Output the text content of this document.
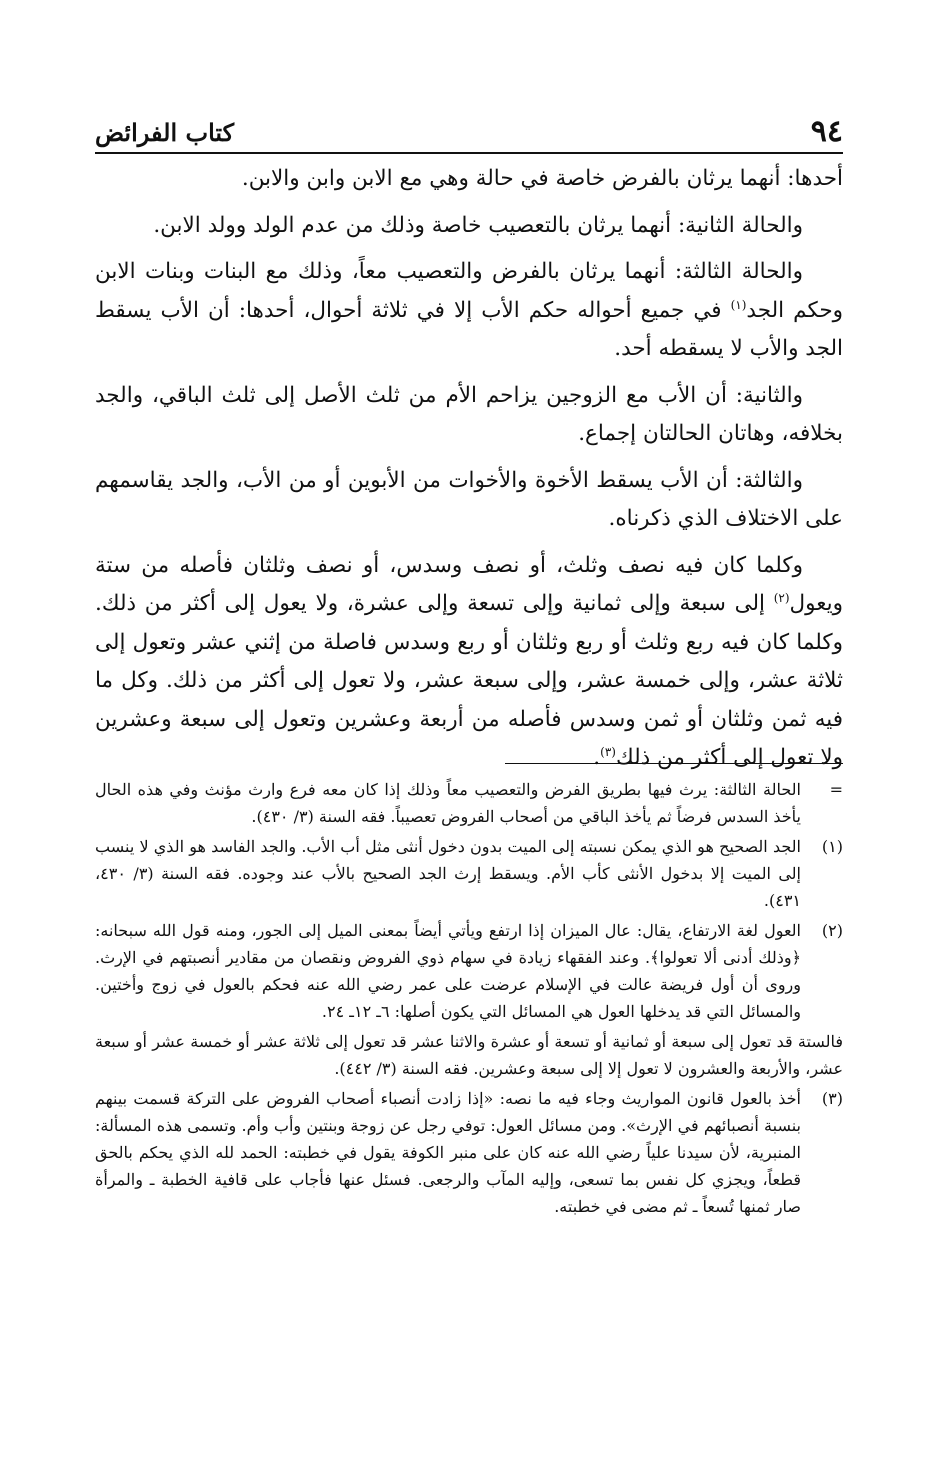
٩٤
كتاب الفرائض

أحدها: أنهما يرثان بالفرض خاصة في حالة وهي مع الابن وابن والابن.

والحالة الثانية: أنهما يرثان بالتعصيب خاصة وذلك من عدم الولد وولد الابن.

والحالة الثالثة: أنهما يرثان بالفرض والتعصيب معاً، وذلك مع البنات وبنات الابن وحكم الجد$^{(١)}$ في جميع أحواله حكم الأب إلا في ثلاثة أحوال، أحدها: أن الأب يسقط الجد والأب لا يسقطه أحد.

والثانية: أن الأب مع الزوجين يزاحم الأم من ثلث الأصل إلى ثلث الباقي، والجد بخلافه، وهاتان الحالتان إجماع.

والثالثة: أن الأب يسقط الأخوة والأخوات من الأبوين أو من الأب، والجد يقاسمهم على الاختلاف الذي ذكرناه.

وكلما كان فيه نصف وثلث، أو نصف وسدس، أو نصف وثلثان فأصله من ستة ويعول$^{(٢)}$ إلى سبعة وإلى ثمانية وإلى تسعة وإلى عشرة، ولا يعول إلى أكثر من ذلك. وكلما كان فيه ربع وثلث أو ربع وثلثان أو ربع وسدس فاصلة من إثني عشر وتعول إلى ثلاثة عشر، وإلى خمسة عشر، وإلى سبعة عشر، ولا تعول إلى أكثر من ذلك. وكل ما فيه ثمن وثلثان أو ثمن وسدس فأصله من أربعة وعشرين وتعول إلى سبعة وعشرين ولا تعول إلى أكثر من ذلك$^{(٣)}$.

=
الحالة الثالثة: يرث فيها بطريق الفرض والتعصيب معاً وذلك إذا كان معه فرع وارث مؤنث وفي هذه الحال يأخذ السدس فرضاً ثم يأخذ الباقي من أصحاب الفروض تعصيباً. فقه السنة (٣/ ٤٣٠).
(١)
الجد الصحيح هو الذي يمكن نسبته إلى الميت بدون دخول أنثى مثل أب الأب. والجد الفاسد هو الذي لا ينسب إلى الميت إلا بدخول الأنثى كأب الأم. ويسقط إرث الجد الصحيح بالأب عند وجوده. فقه السنة (٣/ ٤٣٠، ٤٣١).
(٢)
العول لغة الارتفاع، يقال: عال الميزان إذا ارتفع ويأتي أيضاً بمعنى الميل إلى الجور، ومنه قول الله سبحانه: ﴿وذلك أدنى ألا تعولوا﴾. وعند الفقهاء زيادة في سهام ذوي الفروض ونقصان من مقادير أنصبتهم في الإرث. وروى أن أول فريضة عالت في الإسلام عرضت على عمر رضي الله عنه فحكم بالعول في زوج وأختين. والمسائل التي قد يدخلها العول هي المسائل التي يكون أصلها: ٦ـ ١٢ـ ٢٤.
فالستة قد تعول إلى سبعة أو ثمانية أو تسعة أو عشرة والاثنا عشر قد تعول إلى ثلاثة عشر أو خمسة عشر أو سبعة عشر، والأربعة والعشرون لا تعول إلا إلى سبعة وعشرين. فقه السنة (٣/ ٤٤٢).
(٣)
أخذ بالعول قانون المواريث وجاء فيه ما نصه: «إذا زادت أنصباء أصحاب الفروض على التركة قسمت بينهم بنسبة أنصبائهم في الإرث». ومن مسائل العول: توفي رجل عن زوجة وبنتين وأب وأم. وتسمى هذه المسألة: المنبرية، لأن سيدنا علياً رضي الله عنه كان على منبر الكوفة يقول في خطبته: الحمد لله الذي يحكم بالحق قطعاً، ويجزي كل نفس بما تسعى، وإليه المآب والرجعى. فسئل عنها فأجاب على قافية الخطبة ـ والمرأة صار ثمنها تُسعاً ـ ثم مضى في خطبته.
